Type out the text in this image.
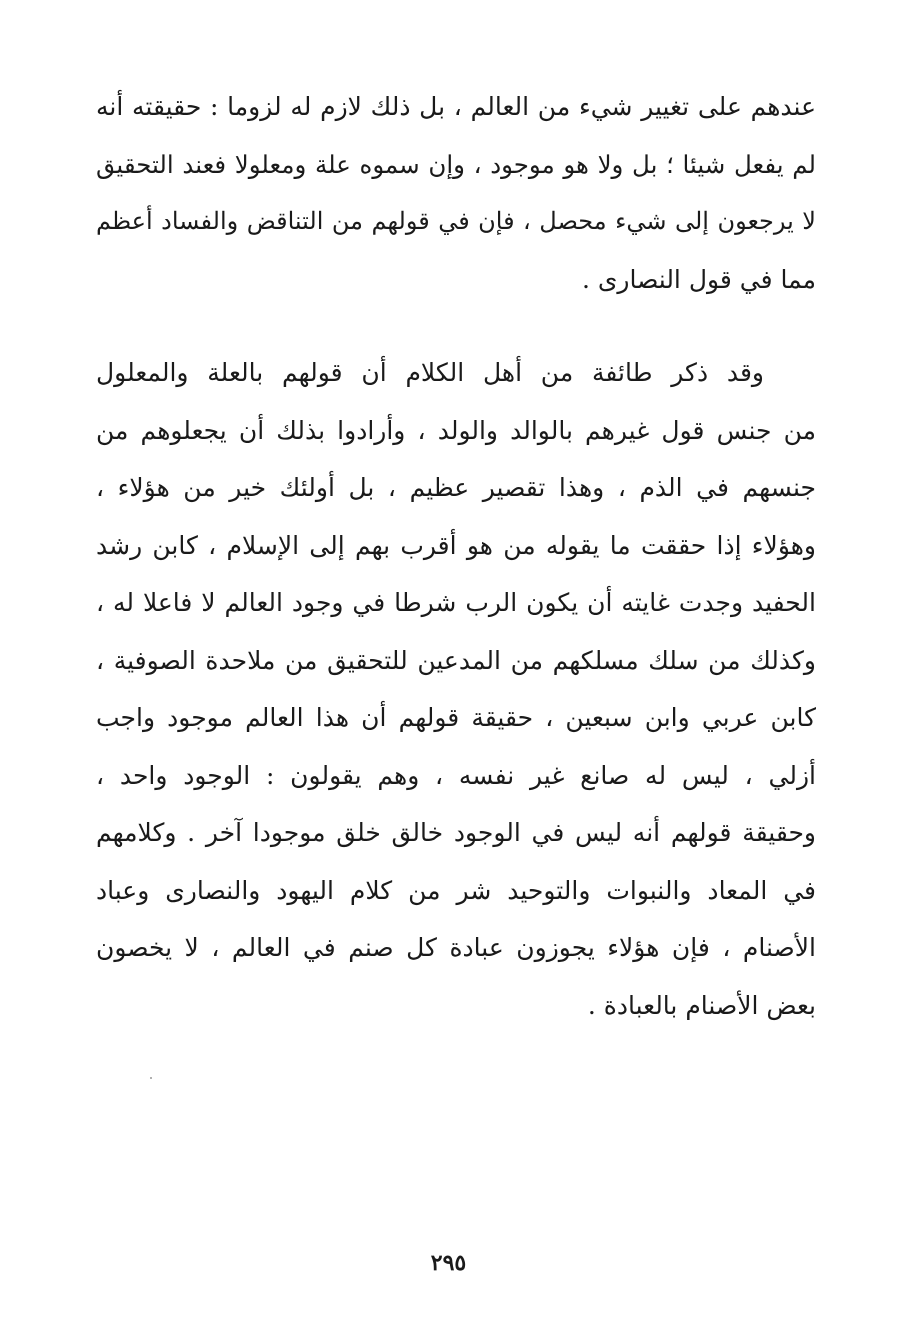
عندهم على تغيير شيء من العالم ، بل ذلك لازم له لزوما : حقيقته أنه
لم يفعل شيئا ؛ بل ولا هو موجود ، وإن سموه علة ومعلولا فعند التحقيق
لا يرجعون إلى شيء محصل ، فإن في قولهم من التناقض والفساد أعظم
مما في قول النصارى .
وقد ذكر طائفة من أهل الكلام أن قولهم بالعلة والمعلول
من جنس قول غيرهم بالوالد والولد ، وأرادوا بذلك أن يجعلوهم من
جنسهم في الذم ، وهذا تقصير عظيم ، بل أولئك خير من هؤلاء ،
وهؤلاء إذا حققت ما يقوله من هو أقرب بهم إلى الإسلام ، كابن رشد
الحفيد وجدت غايته أن يكون الرب شرطا في وجود العالم لا فاعلا له ،
وكذلك من سلك مسلكهم من المدعين للتحقيق من ملاحدة الصوفية ،
كابن عربي وابن سبعين ، حقيقة قولهم أن هذا العالم موجود واجب
أزلي ، ليس له صانع غير نفسه ، وهم يقولون : الوجود واحد ،
وحقيقة قولهم أنه ليس في الوجود خالق خلق موجودا آخر . وكلامهم
في المعاد والنبوات والتوحيد شر من كلام اليهود والنصارى وعباد
الأصنام ، فإن هؤلاء يجوزون عبادة كل صنم في العالم ، لا يخصون
بعض الأصنام بالعبادة .
٢٩٥
